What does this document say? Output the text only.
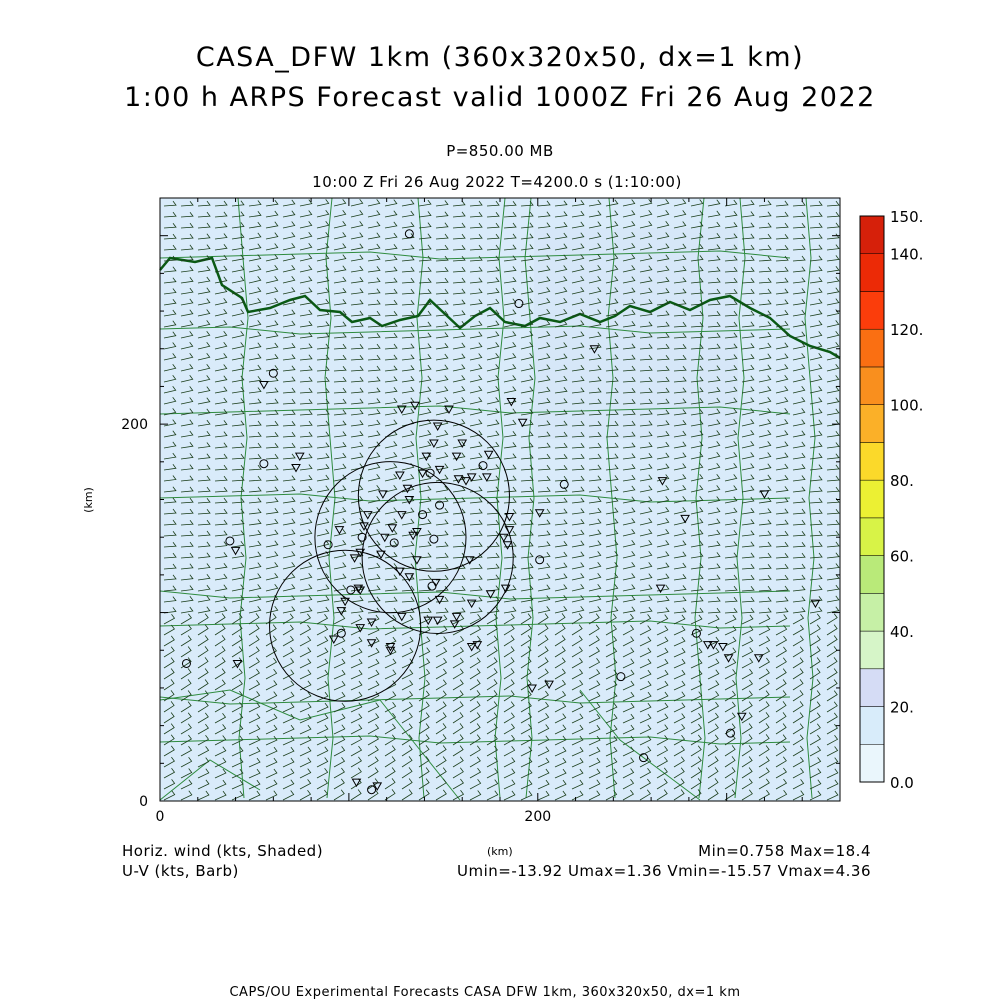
CASA_DFW 1km (360x320x50, dx=1 km)
1:00 h ARPS Forecast valid 1000Z Fri 26 Aug 2022
P=850.00 MB
10:00 Z Fri 26 Aug 2022 T=4200.0 s (1:10:00)
0	200
0
200
(km)
0.0
20.
40.
60.
80.
100.
120.
140.
150.
Horiz. wind (kts, Shaded)
U-V (kts, Barb)
(km)	Min=0.758 Max=18.4
Umin=-13.92 Umax=1.36 Vmin=-15.57 Vmax=4.36
CAPS/OU Experimental Forecasts CASA DFW 1km, 360x320x50, dx=1 km
